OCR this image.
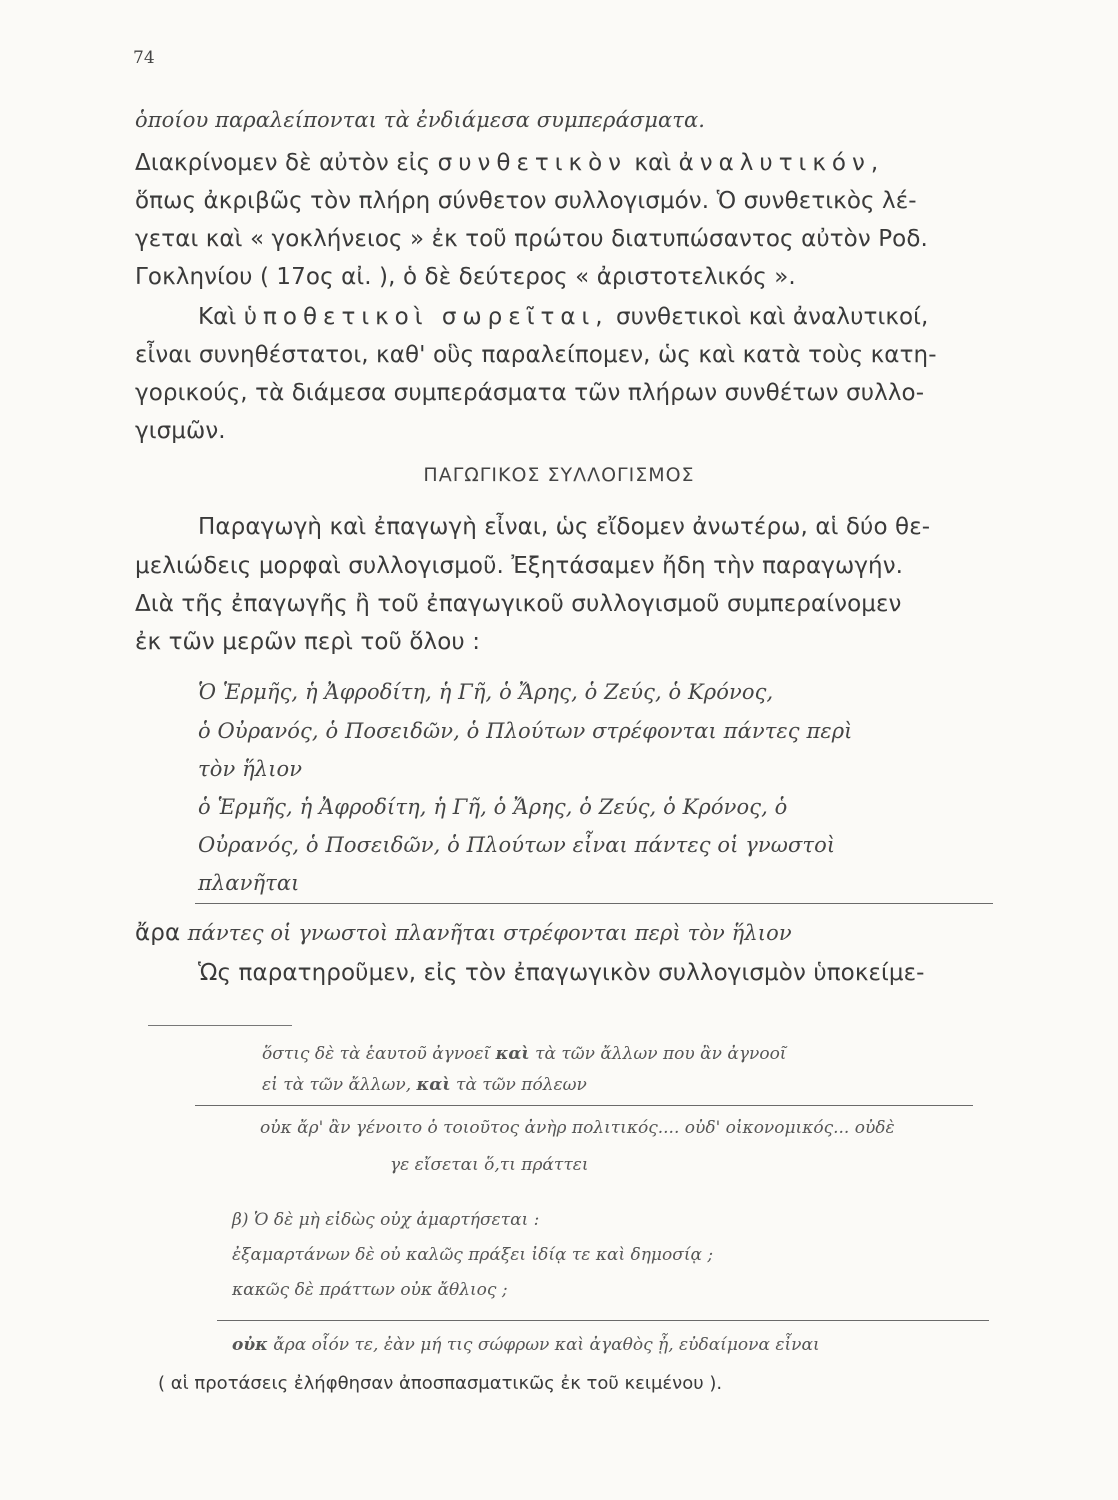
74
ὁποίου παραλείπονται τὰ ἐνδιάμεσα συμπεράσματα.
Διακρίνομεν δὲ αὐτὸν εἰς συνθετικὸν καὶ ἀναλυτικόν,
ὅπως ἀκριβῶς τὸν πλήρη σύνθετον συλλογισμόν. Ὁ συνθετικὸς λέ-
γεται καὶ « γοκλήνειος » ἐκ τοῦ πρώτου διατυπώσαντος αὐτὸν Ροδ.
Γοκληνίου ( 17ος αἰ. ), ὁ δὲ δεύτερος « ἀριστοτελικός ».
Καὶ ὑποθετικοὶ σωρεῖται, συνθετικοὶ καὶ ἀναλυτικοί,
εἶναι συνηθέστατοι, καθ' οὓς παραλείπομεν, ὡς καὶ κατὰ τοὺς κατη-
γορικούς, τὰ διάμεσα συμπεράσματα τῶν πλήρων συνθέτων συλλο-
γισμῶν.
ΠΑΓΩΓΙΚΟΣ ΣΥΛΛΟΓΙΣΜΟΣ
Παραγωγὴ καὶ ἐπαγωγὴ εἶναι, ὡς εἴδομεν ἀνωτέρω, αἱ δύο θε-
μελιώδεις μορφαὶ συλλογισμοῦ. Ἐξητάσαμεν ἤδη τὴν παραγωγήν.
Διὰ τῆς ἐπαγωγῆς ἢ τοῦ ἐπαγωγικοῦ συλλογισμοῦ συμπεραίνομεν
ἐκ τῶν μερῶν περὶ τοῦ ὅλου :
Ὁ Ἑρμῆς, ἡ Ἀφροδίτη, ἡ Γῆ, ὁ Ἄρης, ὁ Ζεύς, ὁ Κρόνος,
ὁ Οὐρανός, ὁ Ποσειδῶν, ὁ Πλούτων στρέφονται πάντες περὶ
τὸν ἥλιον
ὁ Ἑρμῆς, ἡ Ἀφροδίτη, ἡ Γῆ, ὁ Ἄρης, ὁ Ζεύς, ὁ Κρόνος, ὁ
Οὐρανός, ὁ Ποσειδῶν, ὁ Πλούτων εἶναι πάντες οἱ γνωστοὶ
πλανῆται
ἄρα πάντες οἱ γνωστοὶ πλανῆται στρέφονται περὶ τὸν ἥλιον
Ὡς παρατηροῦμεν, εἰς τὸν ἐπαγωγικὸν συλλογισμὸν ὑποκείμε-
ὅστις δὲ τὰ ἑαυτοῦ ἀγνοεῖ καὶ τὰ τῶν ἄλλων που ἂν ἀγνοοῖ
εἰ τὰ τῶν ἄλλων, καὶ τὰ τῶν πόλεων
οὐκ ἄρ' ἂν γένοιτο ὁ τοιοῦτος ἀνὴρ πολιτικός.... οὐδ' οἰκονομικός... οὐδὲ
γε εἴσεται ὅ,τι πράττει
β) Ὁ δὲ μὴ εἰδὼς οὐχ ἁμαρτήσεται :
ἐξαμαρτάνων δὲ οὐ καλῶς πράξει ἰδίᾳ τε καὶ δημοσίᾳ ;
κακῶς δὲ πράττων οὐκ ἄθλιος ;
οὐκ ἄρα οἷόν τε, ἐὰν μή τις σώφρων καὶ ἀγαθὸς ᾖ, εὐδαίμονα εἶναι
( αἱ προτάσεις ἐλήφθησαν ἀποσπασματικῶς ἐκ τοῦ κειμένου ).
